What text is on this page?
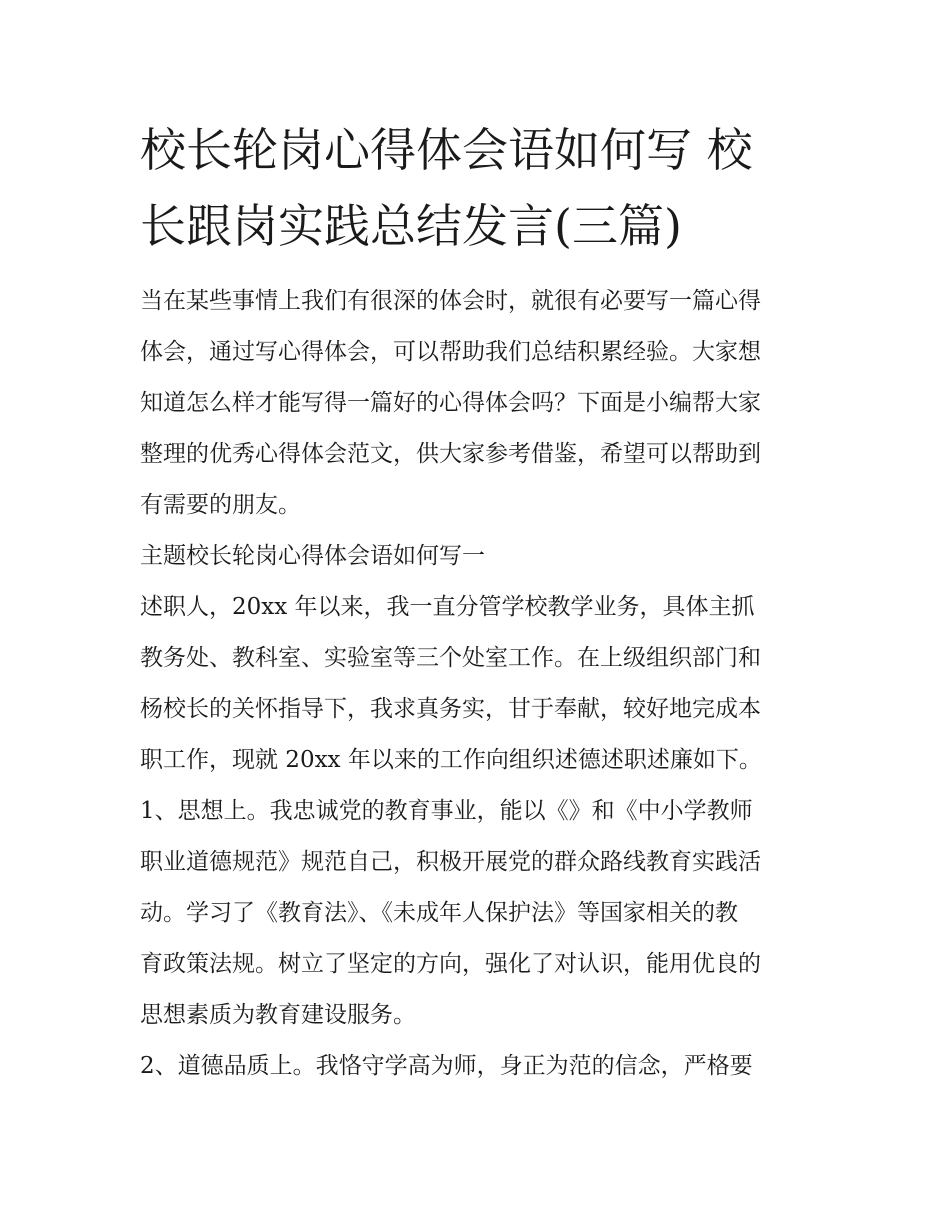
校长轮岗心得体会语如何写 校
长跟岗实践总结发言(三篇)

当在某些事情上我们有很深的体会时，就很有必要写一篇心得
体会，通过写心得体会，可以帮助我们总结积累经验。大家想
知道怎么样才能写得一篇好的心得体会吗？下面是小编帮大家
整理的优秀心得体会范文，供大家参考借鉴，希望可以帮助到
有需要的朋友。

主题校长轮岗心得体会语如何写一

述职人，20xx 年以来，我一直分管学校教学业务，具体主抓
教务处、教科室、实验室等三个处室工作。在上级组织部门和
杨校长的关怀指导下，我求真务实，甘于奉献，较好地完成本
职工作，现就 20xx 年以来的工作向组织述德述职述廉如下。

1、思想上。我忠诚党的教育事业，能以《》和《中小学教师
职业道德规范》规范自己，积极开展党的群众路线教育实践活
动。学习了《教育法》、《未成年人保护法》等国家相关的教
育政策法规。树立了坚定的方向，强化了对认识，能用优良的
思想素质为教育建设服务。

2、道德品质上。我恪守学高为师，身正为范的信念，严格要
